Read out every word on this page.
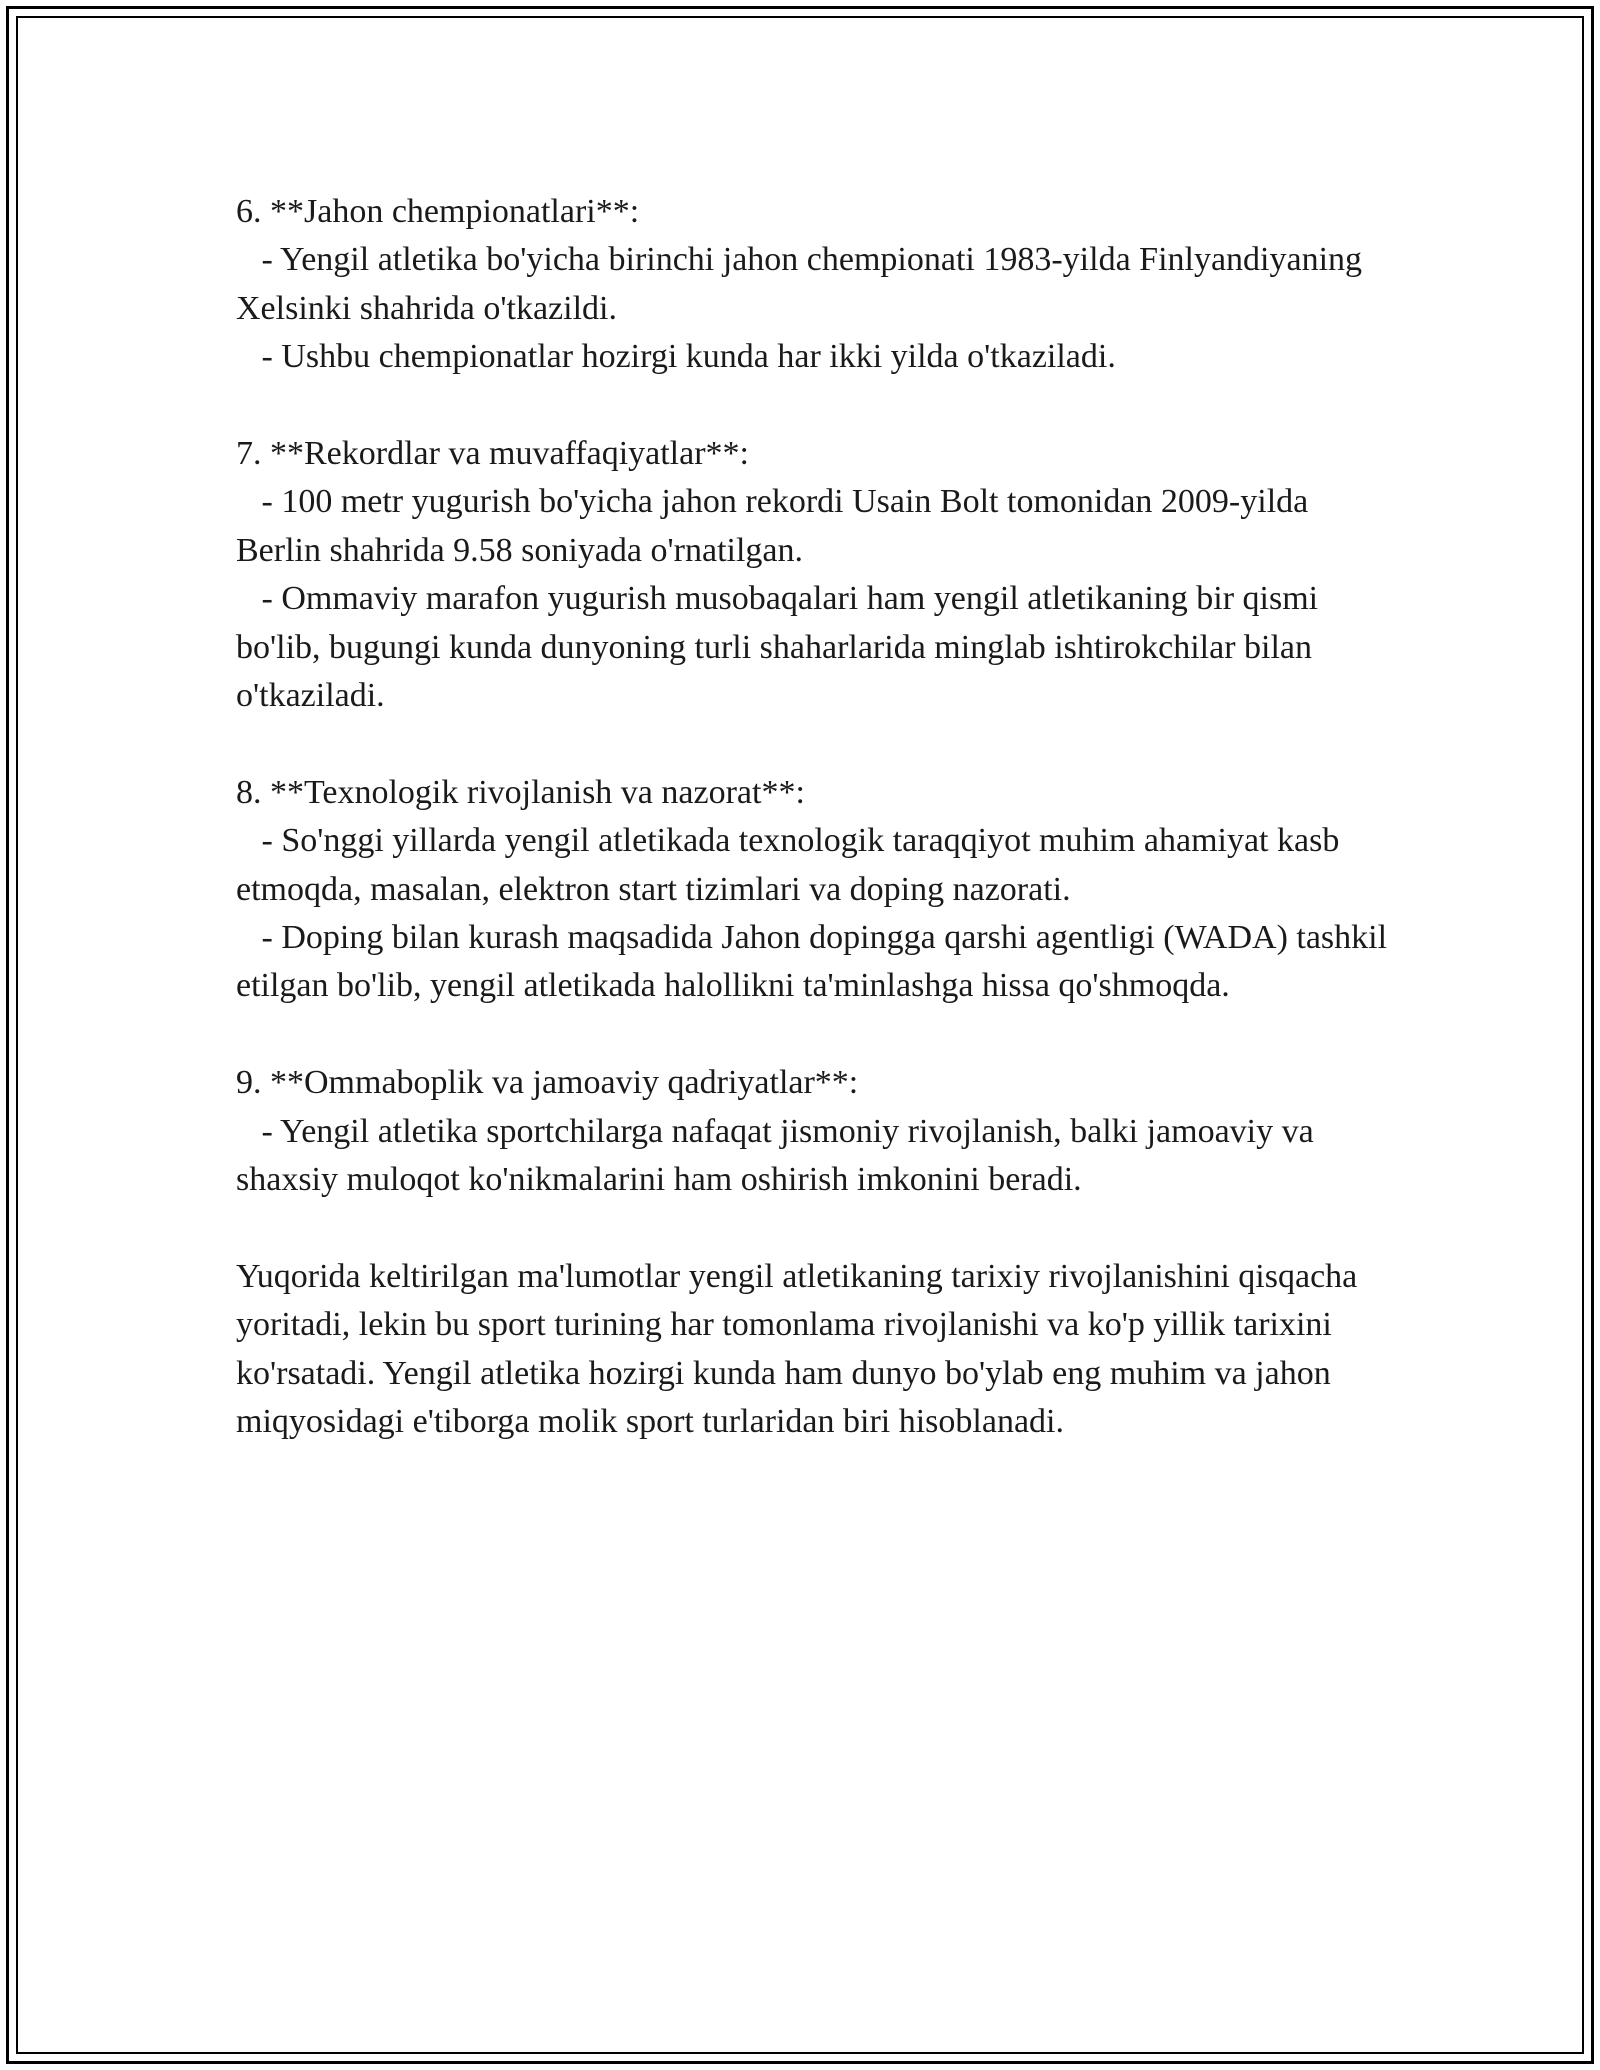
6. **Jahon chempionatlari**:

- Yengil atletika bo'yicha birinchi jahon chempionati 1983-yilda Finlyandiyaning Xelsinki shahrida o'tkazildi.

- Ushbu chempionatlar hozirgi kunda har ikki yilda o'tkaziladi.

7. **Rekordlar va muvaffaqiyatlar**:

- 100 metr yugurish bo'yicha jahon rekordi Usain Bolt tomonidan 2009-yilda Berlin shahrida 9.58 soniyada o'rnatilgan.

- Ommaviy marafon yugurish musobaqalari ham yengil atletikaning bir qismi bo'lib, bugungi kunda dunyoning turli shaharlarida minglab ishtirokchilar bilan o'tkaziladi.

8. **Texnologik rivojlanish va nazorat**:

- So'nggi yillarda yengil atletikada texnologik taraqqiyot muhim ahamiyat kasb etmoqda, masalan, elektron start tizimlari va doping nazorati.

- Doping bilan kurash maqsadida Jahon dopingga qarshi agentligi (WADA) tashkil etilgan bo'lib, yengil atletikada halollikni ta'minlashga hissa qo'shmoqda.

9. **Ommaboplik va jamoaviy qadriyatlar**:

- Yengil atletika sportchilarga nafaqat jismoniy rivojlanish, balki jamoaviy va shaxsiy muloqot ko'nikmalarini ham oshirish imkonini beradi.

Yuqorida keltirilgan ma'lumotlar yengil atletikaning tarixiy rivojlanishini qisqacha yoritadi, lekin bu sport turining har tomonlama rivojlanishi va ko'p yillik tarixini ko'rsatadi. Yengil atletika hozirgi kunda ham dunyo bo'ylab eng muhim va jahon miqyosidagi e'tiborga molik sport turlaridan biri hisoblanadi.
